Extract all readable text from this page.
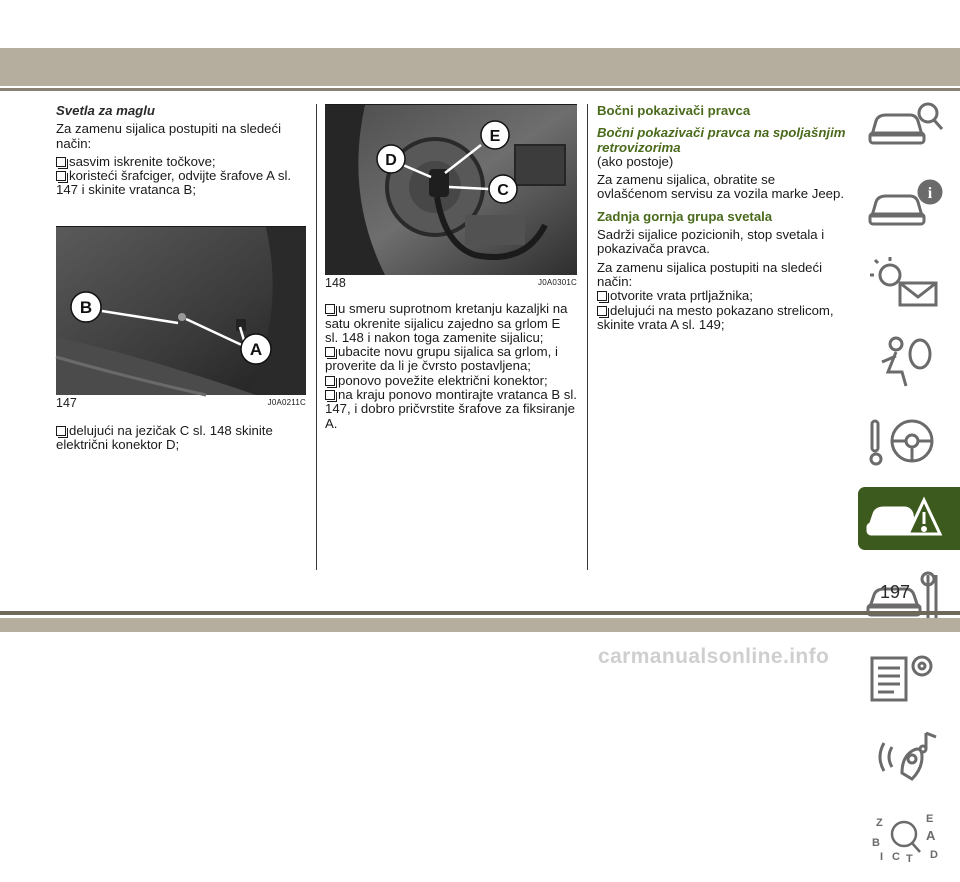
Svetla za maglu

Za zamenu sijalica postupiti na sledeći način:

sasvim iskrenite točkove;
koristeći šrafciger, odvijte šrafove A sl. 147 i skinite vratanca B;
B
A
147	J0A0211C
delujući na jezičak C sl. 148 skinite električni konektor D;
D
E
C
148	J0A0301C
u smeru suprotnom kretanju kazaljki na satu okrenite sijalicu zajedno sa grlom E sl. 148 i nakon toga zamenite sijalicu;
ubacite novu grupu sijalica sa grlom, i proverite da li je čvrsto postavljena;
ponovo povežite električni konektor;
na kraju ponovo montirajte vratanca B sl. 147, i dobro pričvrstite šrafove za fiksiranje A.
Bočni pokazivači pravca
Bočni pokazivači pravca na spoljašnjim retrovizorima

(ako postoje)

Za zamenu sijalica, obratite se ovlašćenom servisu za vozila marke Jeep.

Zadnja gornja grupa svetala

Sadrži sijalice pozicionih, stop svetala i pokazivača pravca.

Za zamenu sijalica postupiti na sledeći način:

otvorite vrata prtljažnika;
delujući na mesto pokazano strelicom, skinite vrata A sl. 149;
i
Z	E
B	A
I C T D
197
carmanualsonline.info
